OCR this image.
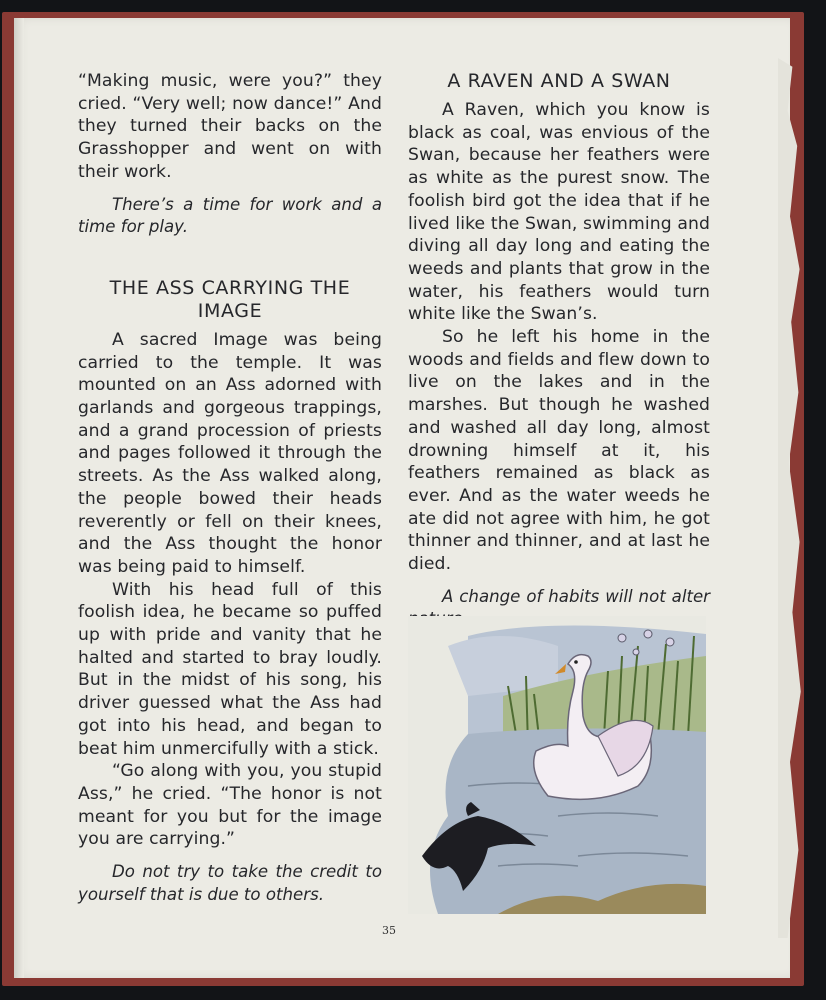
“Making music, were you?” they cried. “Very well; now dance!” And they turned their backs on the Grasshopper and went on with their work.

There’s a time for work and a time for play.

THE ASS CARRYING THE IMAGE

A sacred Image was being carried to the temple. It was mounted on an Ass adorned with garlands and gorgeous trappings, and a grand procession of priests and pages followed it through the streets. As the Ass walked along, the people bowed their heads reverently or fell on their knees, and the Ass thought the honor was being paid to himself.

With his head full of this foolish idea, he became so puffed up with pride and vanity that he halted and started to bray loudly. But in the midst of his song, his driver guessed what the Ass had got into his head, and began to beat him unmercifully with a stick.

“Go along with you, you stupid Ass,” he cried. “The honor is not meant for you but for the image you are carrying.”

Do not try to take the credit to yourself that is due to others.

A RAVEN AND A SWAN

A Raven, which you know is black as coal, was envious of the Swan, because her feathers were as white as the purest snow. The foolish bird got the idea that if he lived like the Swan, swimming and diving all day long and eating the weeds and plants that grow in the water, his feathers would turn white like the Swan’s.

So he left his home in the woods and fields and flew down to live on the lakes and in the marshes. But though he washed and washed all day long, almost drowning himself at it, his feathers remained as black as ever. And as the water weeds he ate did not agree with him, he got thinner and thinner, and at last he died.

A change of habits will not alter

35
